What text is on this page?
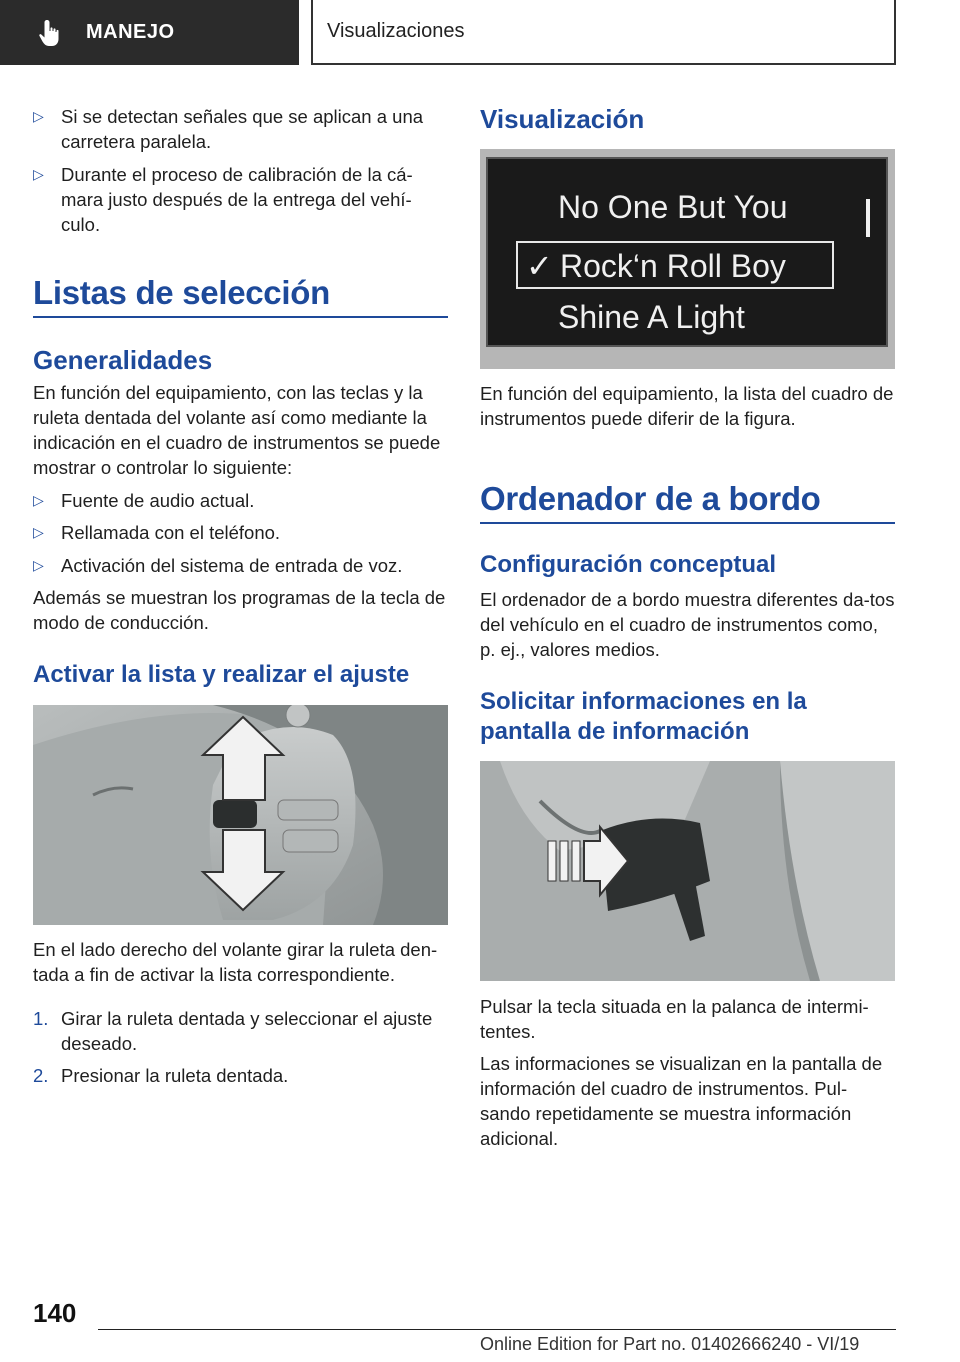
MANEJO	Visualizaciones
▷ Si se detectan señales que se aplican a una carretera paralela.
▷ Durante el proceso de calibración de la cá-mara justo después de la entrega del vehí-culo.
Listas de selección
Generalidades
En función del equipamiento, con las teclas y la ruleta dentada del volante así como mediante la indicación en el cuadro de instrumentos se puede mostrar o controlar lo siguiente:
▷ Fuente de audio actual.
▷ Rellamada con el teléfono.
▷ Activación del sistema de entrada de voz.
Además se muestran los programas de la tecla de modo de conducción.
Activar la lista y realizar el ajuste
En el lado derecho del volante girar la ruleta den-tada a fin de activar la lista correspondiente.
1. Girar la ruleta dentada y seleccionar el ajuste deseado.
2. Presionar la ruleta dentada.
Visualización
No One But You
✓ Rock‘n Roll Boy
Shine A Light
En función del equipamiento, la lista del cuadro de instrumentos puede diferir de la figura.
Ordenador de a bordo
Configuración conceptual
El ordenador de a bordo muestra diferentes da-tos del vehículo en el cuadro de instrumentos como, p. ej., valores medios.
Solicitar informaciones en la pantalla de información
Pulsar la tecla situada en la palanca de intermi-tentes.
Las informaciones se visualizan en la pantalla de información del cuadro de instrumentos. Pul-sando repetidamente se muestra información adicional.
140
Online Edition for Part no. 01402666240 - VI/19
